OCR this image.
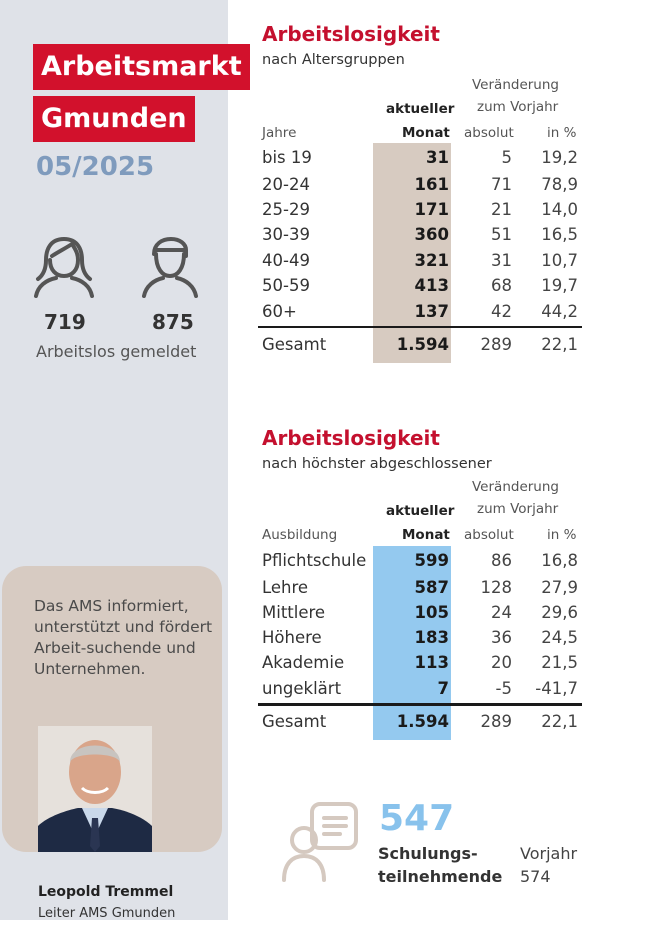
Arbeitsmarkt
Gmunden
05/2025
719	875
Arbeitslos gemeldet
Das AMS informiert, unterstützt und fördert Arbeit-suchende und Unternehmen.
Leopold Tremmel
Leiter AMS Gmunden
Arbeitslosigkeit
nach Altersgruppen
Veränderung
zum Vorjahr
aktueller
Monat
Jahre	absolut in %
bis 19	31	5 19,2
20-24	161	71 78,9
25-29	171	21 14,0
30-39	360	51 16,5
40-49	321	31 10,7
50-59	413	68 19,7
60+	137	42 44,2
Gesamt	1.594 289 22,1
Arbeitslosigkeit
nach höchster abgeschlossener
Veränderung
zum Vorjahr
aktueller
Monat
Ausbildung	absolut in %
Pflichtschule	599	86 16,8
Lehre	587 128 27,9
Mittlere	105	24 29,6
Höhere	183	36 24,5
Akademie	113	20 21,5
ungeklärt	7	-5 -41,7
Gesamt	1.594 289 22,1
547
Schulungs-
teilnehmende
Vorjahr
574
